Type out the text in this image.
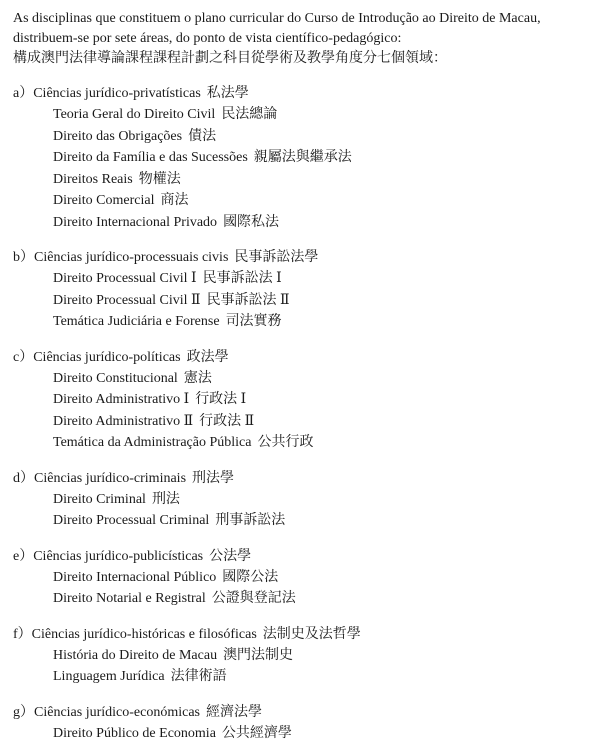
As disciplinas que constituem o plano curricular do Curso de Introdução ao Direito de Macau,
distribuem-se por sete áreas, do ponto de vista científico-pedagógico:
構成澳門法律導論課程課程計劃之科目從學術及教學角度分七個領域：
a）Ciências jurídico-privatísticas 私法學
Teoria Geral do Direito Civil 民法總論
Direito das Obrigações 債法
Direito da Família e das Sucessões 親屬法與繼承法
Direitos Reais 物權法
Direito Comercial 商法
Direito Internacional Privado 國際私法
b）Ciências jurídico-processuais civis 民事訴訟法學
Direito Processual Civil Ⅰ 民事訴訟法 Ⅰ
Direito Processual Civil Ⅱ 民事訴訟法 Ⅱ
Temática Judiciária e Forense 司法實務
c）Ciências jurídico-políticas 政法學
Direito Constitucional 憲法
Direito Administrativo Ⅰ 行政法 Ⅰ
Direito Administrativo Ⅱ 行政法 Ⅱ
Temática da Administração Pública 公共行政
d）Ciências jurídico-criminais 刑法學
Direito Criminal 刑法
Direito Processual Criminal 刑事訴訟法
e）Ciências jurídico-publicísticas 公法學
Direito Internacional Público 國際公法
Direito Notarial e Registral 公證與登記法
f）Ciências jurídico-históricas e filosóficas 法制史及法哲學
História do Direito de Macau 澳門法制史
Linguagem Jurídica 法律術語
g）Ciências jurídico-económicas 經濟法學
Direito Público de Economia 公共經濟學
